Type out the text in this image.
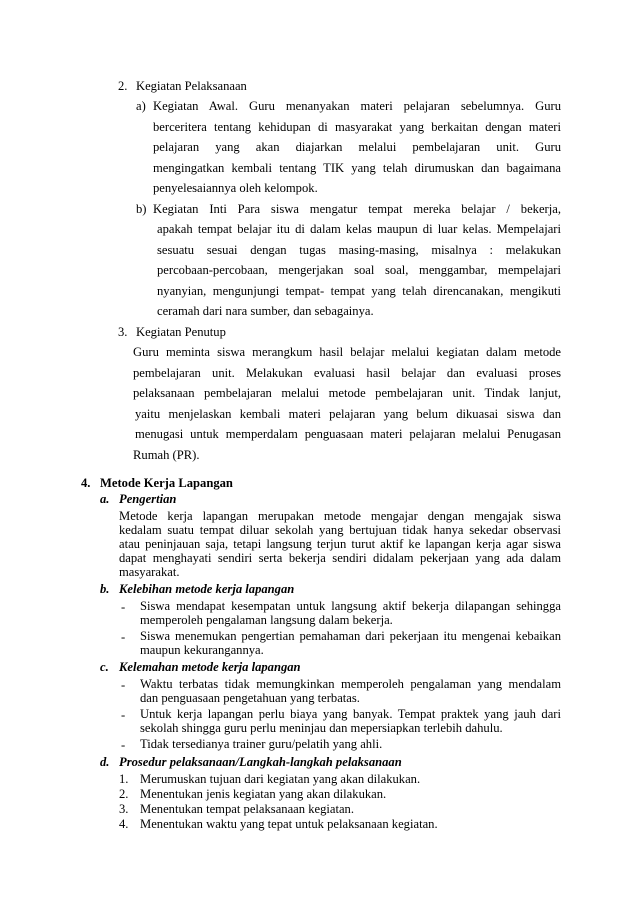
2. Kegiatan Pelaksanaan
a) Kegiatan Awal. Guru menanyakan materi pelajaran sebelumnya. Guru
berceritera tentang kehidupan di masyarakat yang berkaitan dengan materi
pelajaran yang akan diajarkan melalui pembelajaran unit. Guru
mengingatkan kembali tentang TIK yang telah dirumuskan dan bagaimana
penyelesaiannya oleh kelompok.
b) Kegiatan Inti Para siswa mengatur tempat mereka belajar / bekerja,
apakah tempat belajar itu di dalam kelas maupun di luar kelas. Mempelajari
sesuatu sesuai dengan tugas masing-masing, misalnya : melakukan
percobaan-percobaan, mengerjakan soal soal, menggambar, mempelajari
nyanyian, mengunjungi tempat- tempat yang telah direncanakan, mengikuti
ceramah dari nara sumber, dan sebagainya.
3. Kegiatan Penutup
Guru meminta siswa merangkum hasil belajar melalui kegiatan dalam metode
pembelajaran unit. Melakukan evaluasi hasil belajar dan evaluasi proses
pelaksanaan pembelajaran melalui metode pembelajaran unit. Tindak lanjut,
yaitu menjelaskan kembali materi pelajaran yang belum dikuasai siswa dan
menugasi untuk memperdalam penguasaan materi pelajaran melalui Penugasan
Rumah (PR).
4. Metode Kerja Lapangan
a. Pengertian
Metode kerja lapangan merupakan metode mengajar dengan mengajak siswa
kedalam suatu tempat diluar sekolah yang bertujuan tidak hanya sekedar observasi
atau peninjauan saja, tetapi langsung terjun turut aktif ke lapangan kerja agar siswa
dapat menghayati sendiri serta bekerja sendiri didalam pekerjaan yang ada dalam
masyarakat.
b. Kelebihan metode kerja lapangan
- Siswa mendapat kesempatan untuk langsung aktif bekerja dilapangan sehingga
memperoleh pengalaman langsung dalam bekerja.
- Siswa menemukan pengertian pemahaman dari pekerjaan itu mengenai kebaikan
maupun kekurangannya.
c. Kelemahan metode kerja lapangan
- Waktu terbatas tidak memungkinkan memperoleh pengalaman yang mendalam
dan penguasaan pengetahuan yang terbatas.
- Untuk kerja lapangan perlu biaya yang banyak. Tempat praktek yang jauh dari
sekolah shingga guru perlu meninjau dan mepersiapkan terlebih dahulu.
- Tidak tersedianya trainer guru/pelatih yang ahli.
d. Prosedur pelaksanaan/Langkah-langkah pelaksanaan
1. Merumuskan tujuan dari kegiatan yang akan dilakukan.
2. Menentukan jenis kegiatan yang akan dilakukan.
3. Menentukan tempat pelaksanaan kegiatan.
4. Menentukan waktu yang tepat untuk pelaksanaan kegiatan.
